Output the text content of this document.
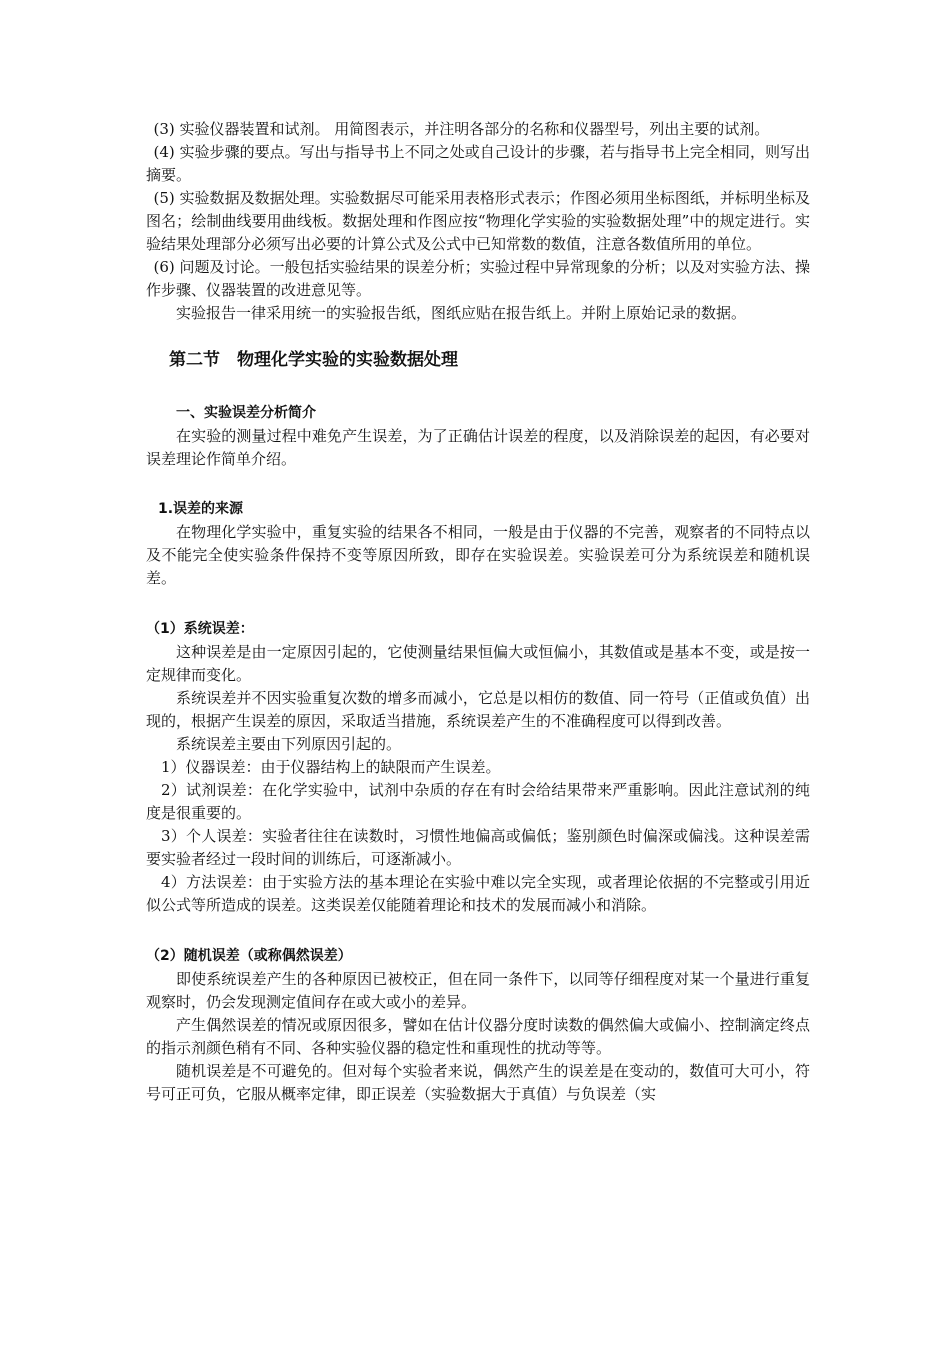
(3) 实验仪器装置和试剂。 用简图表示，并注明各部分的名称和仪器型号，列出主要的试剂。

(4) 实验步骤的要点。写出与指导书上不同之处或自己设计的步骤，若与指导书上完全相同，则写出摘要。

(5) 实验数据及数据处理。实验数据尽可能采用表格形式表示；作图必须用坐标图纸，并标明坐标及图名；绘制曲线要用曲线板。数据处理和作图应按“物理化学实验的实验数据处理”中的规定进行。实验结果处理部分必须写出必要的计算公式及公式中已知常数的数值，注意各数值所用的单位。

(6) 问题及讨论。一般包括实验结果的误差分析；实验过程中异常现象的分析；以及对实验方法、操作步骤、仪器装置的改进意见等。

实验报告一律采用统一的实验报告纸，图纸应贴在报告纸上。并附上原始记录的数据。

第二节　物理化学实验的实验数据处理
一、实验误差分析简介

在实验的测量过程中难免产生误差，为了正确估计误差的程度，以及消除误差的起因，有必要对误差理论作简单介绍。

1.误差的来源

在物理化学实验中，重复实验的结果各不相同，一般是由于仪器的不完善，观察者的不同特点以及不能完全使实验条件保持不变等原因所致，即存在实验误差。实验误差可分为系统误差和随机误差。

（1）系统误差：

这种误差是由一定原因引起的，它使测量结果恒偏大或恒偏小，其数值或是基本不变，或是按一定规律而变化。

系统误差并不因实验重复次数的增多而减小，它总是以相仿的数值、同一符号（正值或负值）出现的，根据产生误差的原因，采取适当措施，系统误差产生的不准确程度可以得到改善。

系统误差主要由下列原因引起的。

1）仪器误差：由于仪器结构上的缺限而产生误差。

2）试剂误差：在化学实验中，试剂中杂质的存在有时会给结果带来严重影响。因此注意试剂的纯度是很重要的。

3）个人误差：实验者往往在读数时，习惯性地偏高或偏低；鉴别颜色时偏深或偏浅。这种误差需要实验者经过一段时间的训练后，可逐渐减小。

4）方法误差：由于实验方法的基本理论在实验中难以完全实现，或者理论依据的不完整或引用近似公式等所造成的误差。这类误差仅能随着理论和技术的发展而减小和消除。

（2）随机误差（或称偶然误差）

即使系统误差产生的各种原因已被校正，但在同一条件下，以同等仔细程度对某一个量进行重复观察时，仍会发现测定值间存在或大或小的差异。

产生偶然误差的情况或原因很多，譬如在估计仪器分度时读数的偶然偏大或偏小、控制滴定终点的指示剂颜色稍有不同、各种实验仪器的稳定性和重现性的扰动等等。

随机误差是不可避免的。但对每个实验者来说，偶然产生的误差是在变动的，数值可大可小，符号可正可负，它服从概率定律，即正误差（实验数据大于真值）与负误差（实
